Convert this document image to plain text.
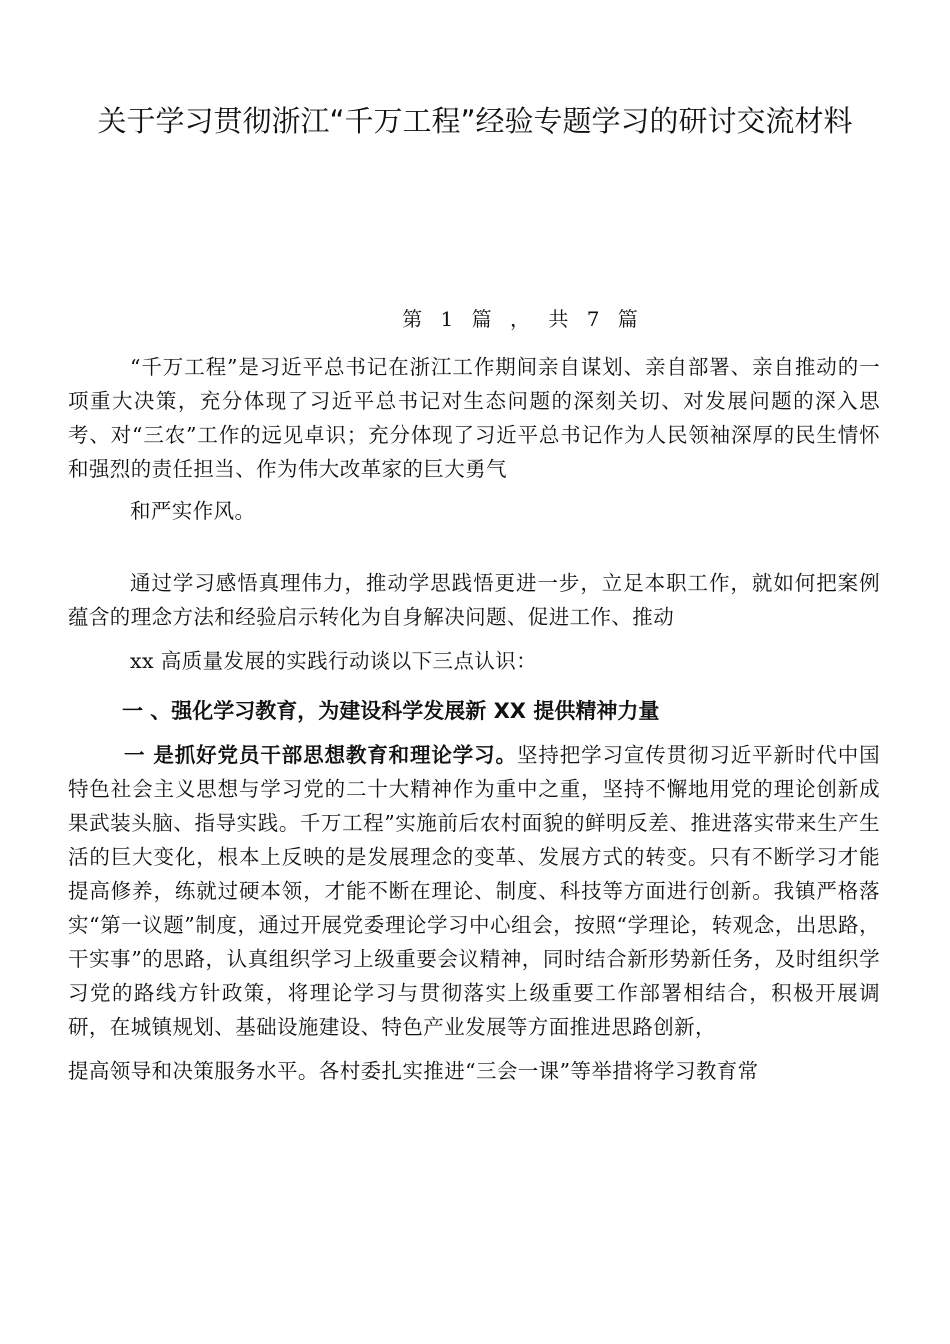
关于学习贯彻浙江“千万工程”经验专题学习的研讨交流材料
第 1 篇 ， 共 7 篇

“千万工程”是习近平总书记在浙江工作期间亲自谋划、亲自部署、亲自推动的一项重大决策，充分体现了习近平总书记对生态问题的深刻关切、对发展问题的深入思考、对“三农”工作的远见卓识；充分体现了习近平总书记作为人民领袖深厚的民生情怀和强烈的责任担当、作为伟大改革家的巨大勇气
和严实作风。

通过学习感悟真理伟力，推动学思践悟更进一步，立足本职工作，就如何把案例蕴含的理念方法和经验启示转化为自身解决问题、促进工作、推动
xx 高质量发展的实践行动谈以下三点认识：

一 、强化学习教育，为建设科学发展新 XX 提供精神力量

一 是抓好党员干部思想教育和理论学习。坚持把学习宣传贯彻习近平新时代中国特色社会主义思想与学习党的二十大精神作为重中之重，坚持不懈地用党的理论创新成果武装头脑、指导实践。千万工程”实施前后农村面貌的鲜明反差、推进落实带来生产生活的巨大变化，根本上反映的是发展理念的变革、发展方式的转变。只有不断学习才能提高修养，练就过硬本领，才能不断在理论、制度、科技等方面进行创新。我镇严格落实“第一议题”制度，通过开展党委理论学习中心组会，按照“学理论，转观念，出思路，干实事”的思路，认真组织学习上级重要会议精神，同时结合新形势新任务，及时组织学习党的路线方针政策，将理论学习与贯彻落实上级重要工作部署相结合，积极开展调研，在城镇规划、基础设施建设、特色产业发展等方面推进思路创新，
提高领导和决策服务水平。各村委扎实推进“三会一课”等举措将学习教育常
